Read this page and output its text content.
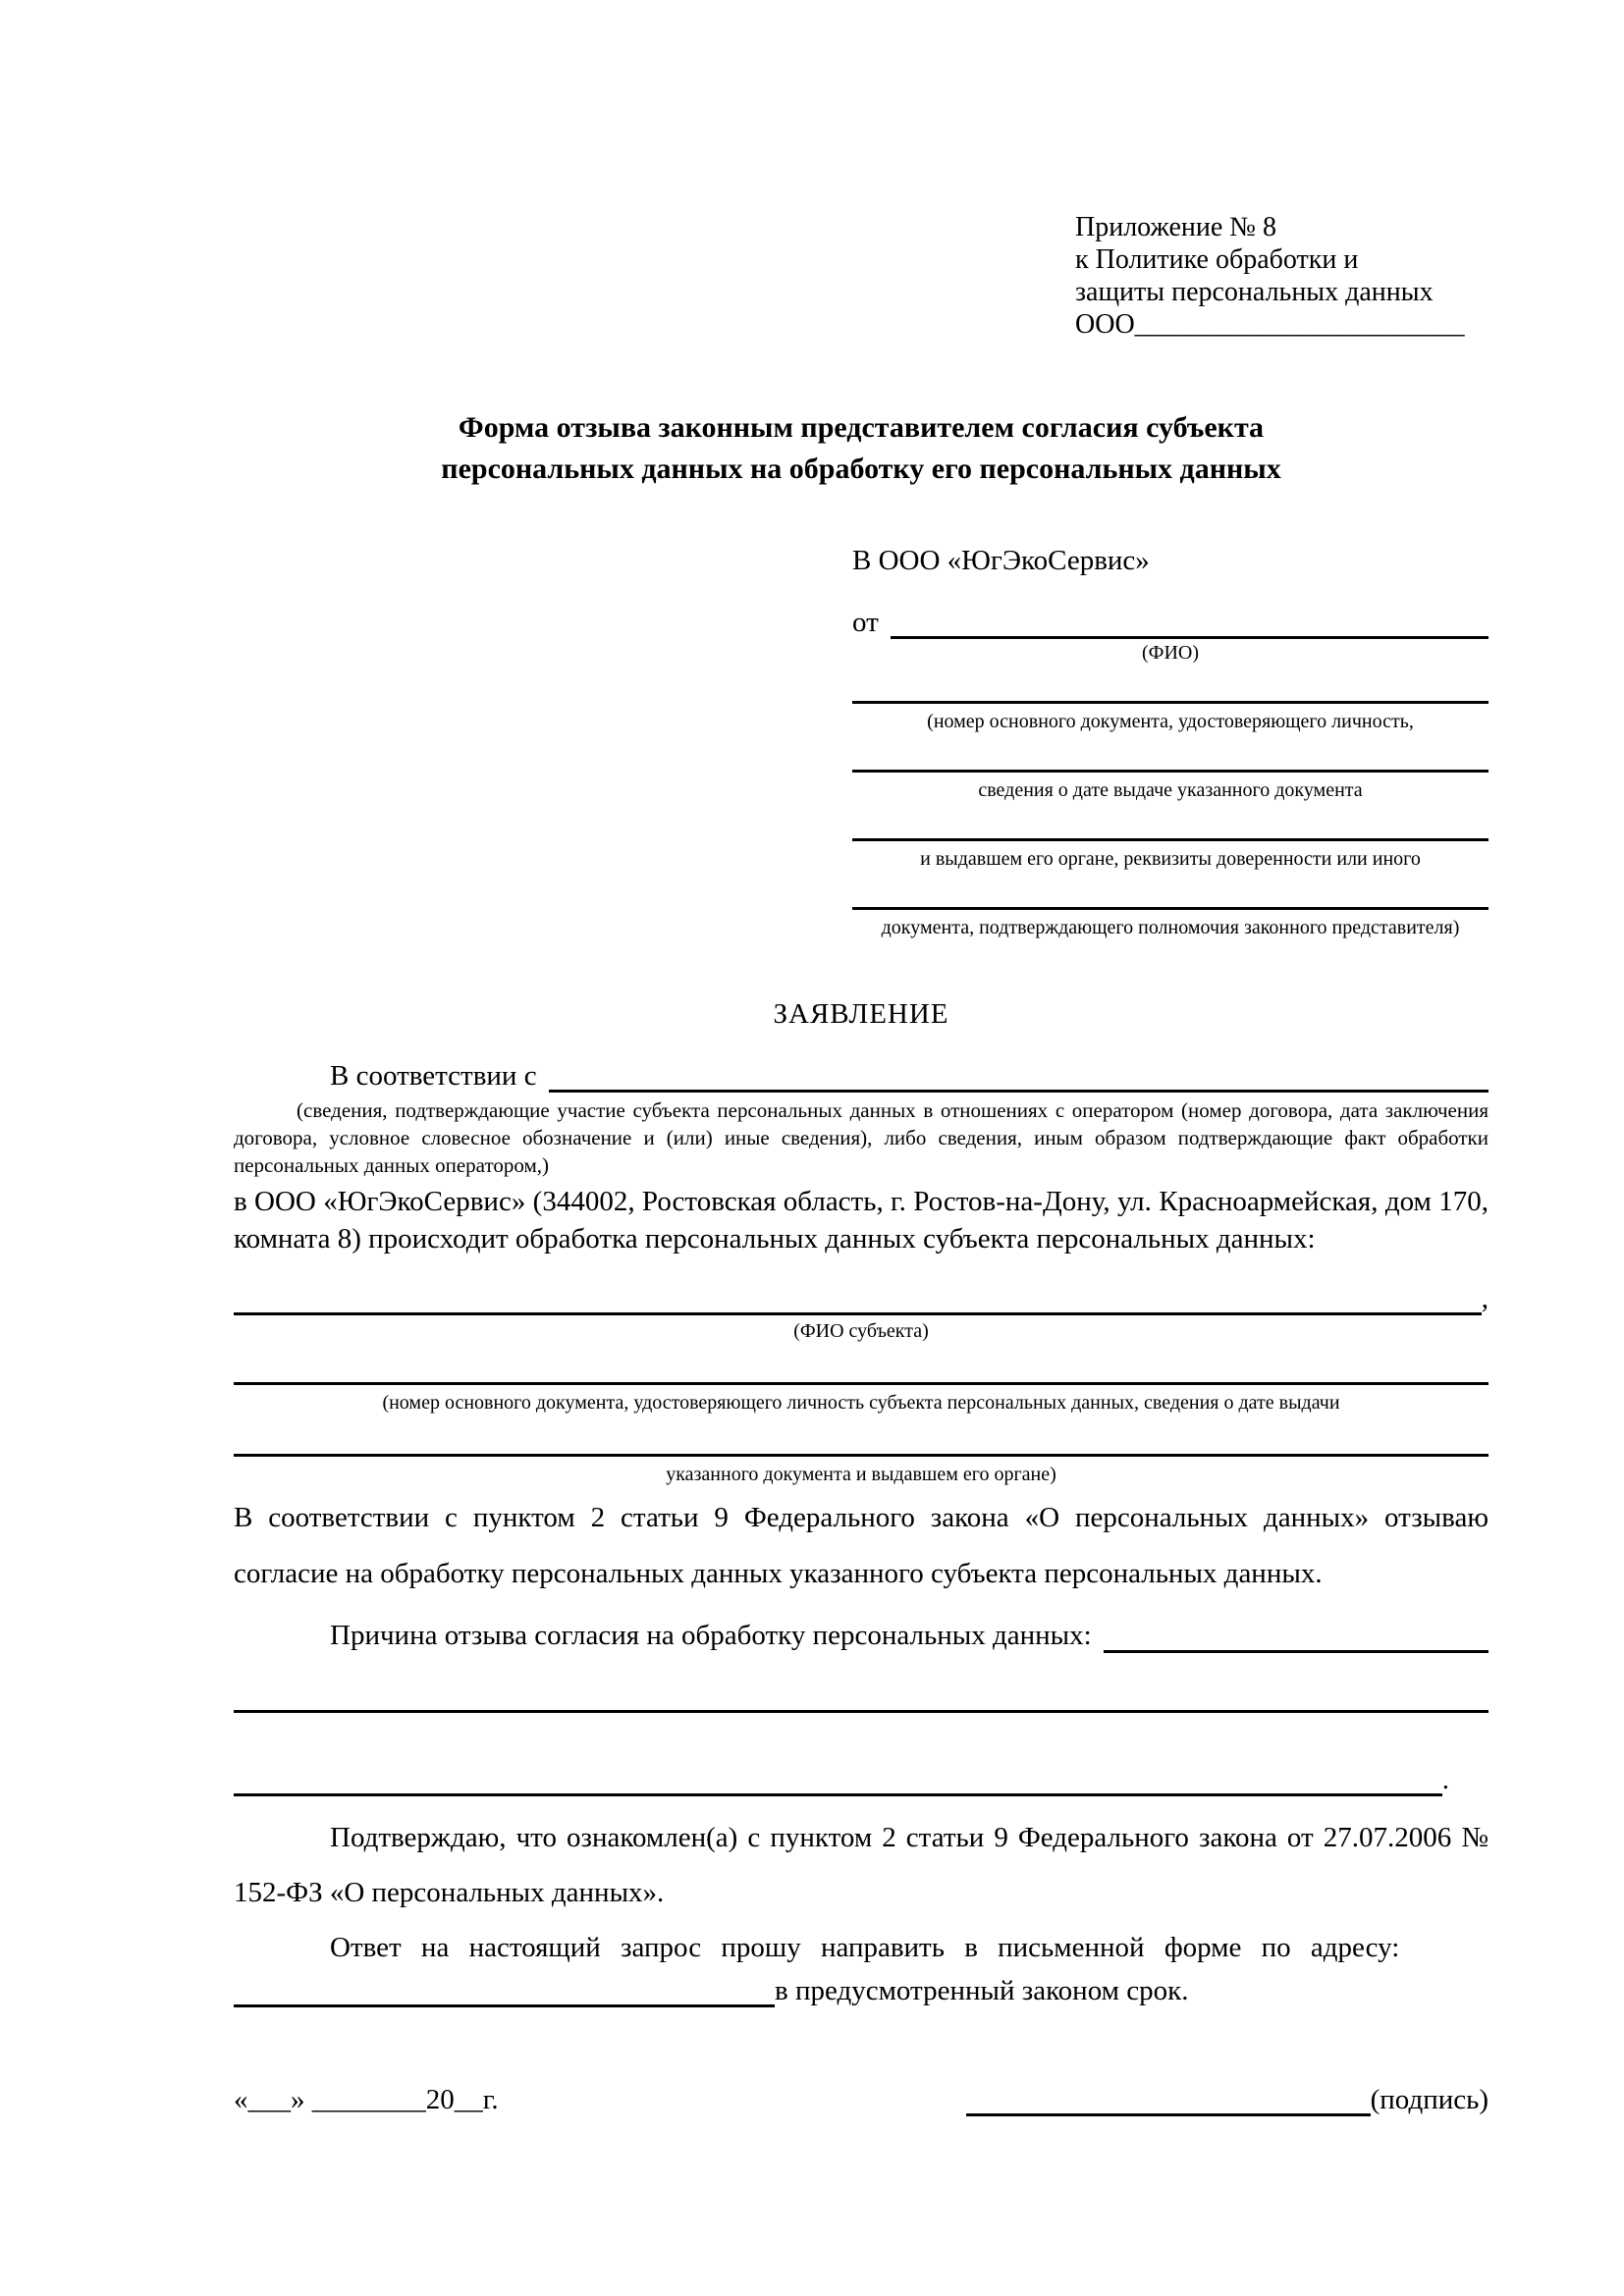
Приложение № 8
к Политике обработки и
защиты персональных данных
ООО________________________
Форма отзыва законным представителем согласия субъекта
персональных данных на обработку его персональных данных
В ООО «ЮгЭкоСервис»
от
(ФИО)
(номер основного документа, удостоверяющего личность,
сведения о дате выдаче указанного документа
и выдавшем его органе, реквизиты доверенности или иного
документа, подтверждающего полномочия законного представителя)
ЗАЯВЛЕНИЕ
В соответствии с
(сведения, подтверждающие участие субъекта персональных данных в отношениях с оператором (номер договора, дата заключения договора, условное словесное обозначение и (или) иные сведения), либо сведения, иным образом подтверждающие факт обработки персональных данных оператором,)
в ООО «ЮгЭкоСервис» (344002, Ростовская область, г. Ростов-на-Дону, ул. Красноармейская, дом 170, комната 8) происходит обработка персональных данных субъекта персональных данных:
,
(ФИО субъекта)
(номер основного документа, удостоверяющего личность субъекта персональных данных, сведения о дате выдачи
указанного документа и выдавшем его органе)
В соответствии с пунктом 2 статьи 9 Федерального закона «О персональных данных» отзываю согласие на обработку персональных данных указанного субъекта персональных данных.
Причина отзыва согласия на обработку персональных данных:
.
Подтверждаю, что ознакомлен(а) с пунктом 2 статьи 9 Федерального закона от 27.07.2006 № 152-ФЗ «О персональных данных».
Ответ на настоящий запрос прошу направить в письменной форме по адресу:
в предусмотренный законом срок.
«___» ________20__г.	(подпись)
